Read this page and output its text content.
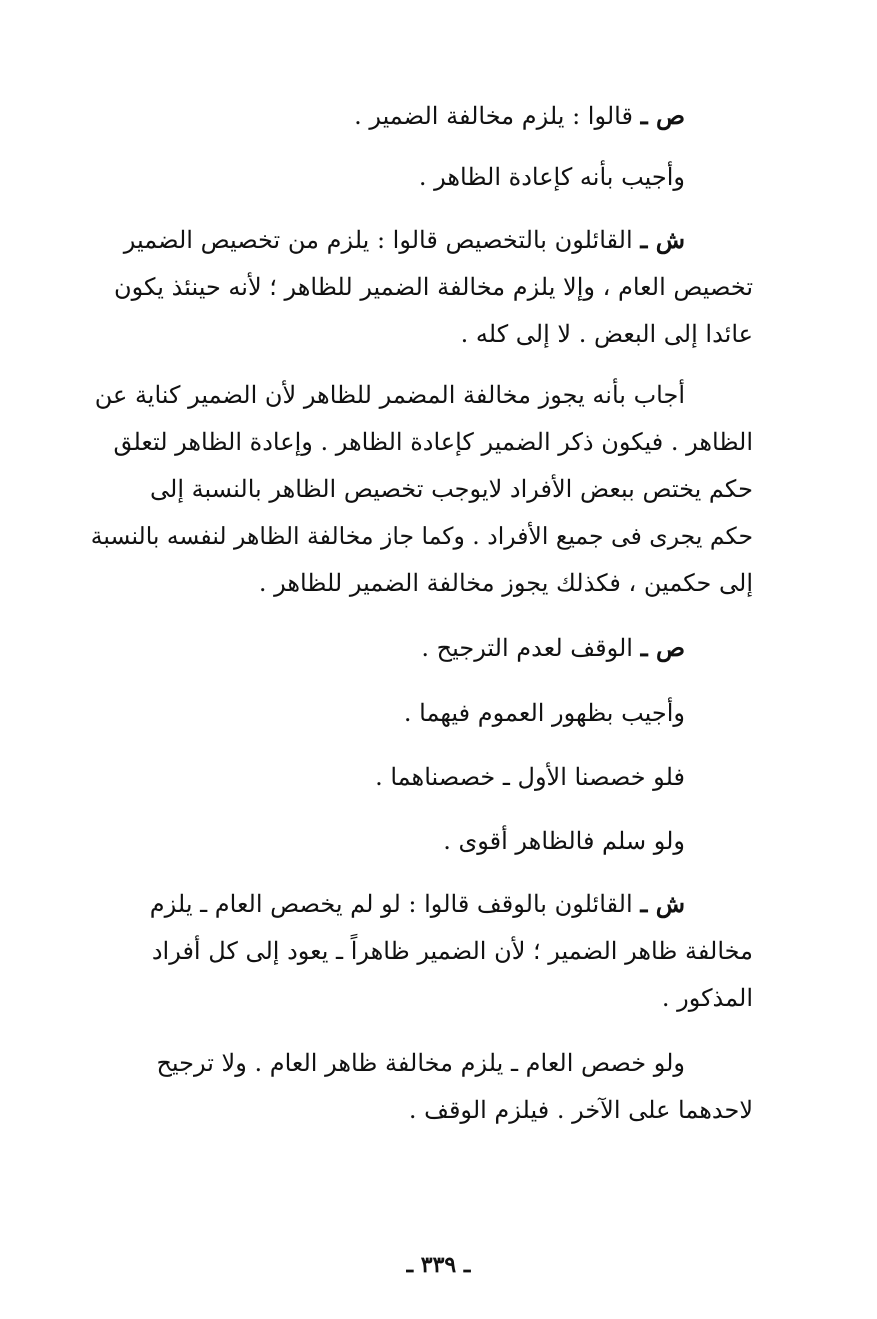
ص ـ قالوا : يلزم مخالفة الضمير .
وأجيب بأنه كإعادة الظاهر .
ش ـ القائلون بالتخصيص قالوا : يلزم من تخصيص الضمير
تخصيص العام ، وإلا يلزم مخالفة الضمير للظاهر ؛ لأنه حينئذ يكون
عائدا إلى البعض . لا إلى كله .
أجاب بأنه يجوز مخالفة المضمر للظاهر لأن الضمير كناية عن
الظاهر . فيكون ذكر الضمير كإعادة الظاهر . وإعادة الظاهر لتعلق
حكم يختص ببعض الأفراد لايوجب تخصيص الظاهر بالنسبة إلى
حكم يجرى فى جميع الأفراد . وكما جاز مخالفة الظاهر لنفسه بالنسبة
إلى حكمين ، فكذلك يجوز مخالفة الضمير للظاهر .
ص ـ الوقف لعدم الترجيح .
وأجيب بظهور العموم فيهما .
فلو خصصنا الأول ـ خصصناهما .
ولو سلم فالظاهر أقوى .
ش ـ القائلون بالوقف قالوا : لو لم يخصص العام ـ يلزم
مخالفة ظاهر الضمير ؛ لأن الضمير ظاهراً ـ يعود إلى كل أفراد
المذكور .
ولو خصص العام ـ يلزم مخالفة ظاهر العام . ولا ترجيح
لاحدهما على الآخر . فيلزم الوقف .
ـ ٣٣٩ ـ
